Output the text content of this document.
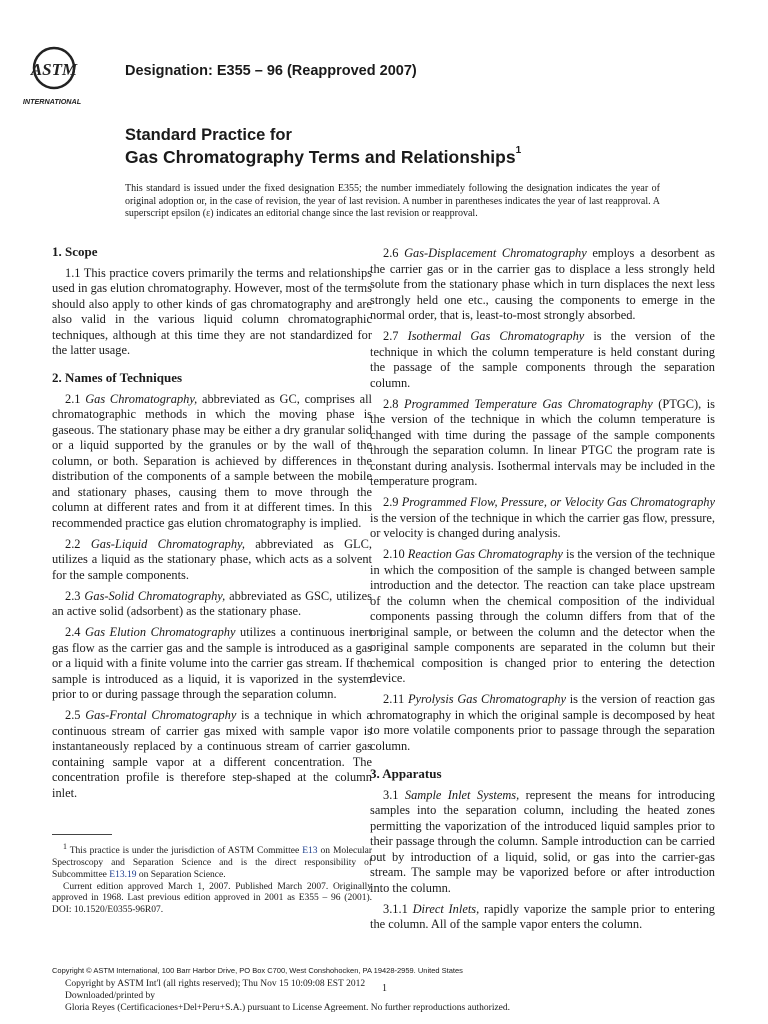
ASTM
INTERNATIONAL
Designation: E355 – 96 (Reapproved 2007)
Standard Practice for
Gas Chromatography Terms and Relationships$^1$
This standard is issued under the fixed designation E355; the number immediately following the designation indicates the year of original adoption or, in the case of revision, the year of last revision. A number in parentheses indicates the year of last reapproval. A superscript epsilon (ε) indicates an editorial change since the last revision or reapproval.
1. Scope

1.1 This practice covers primarily the terms and relationships used in gas elution chromatography. However, most of the terms should also apply to other kinds of gas chromatography and are also valid in the various liquid column chromatographic techniques, although at this time they are not standardized for the latter usage.

2. Names of Techniques

2.1 Gas Chromatography, abbreviated as GC, comprises all chromatographic methods in which the moving phase is gaseous. The stationary phase may be either a dry granular solid or a liquid supported by the granules or by the wall of the column, or both. Separation is achieved by differences in the distribution of the components of a sample between the mobile and stationary phases, causing them to move through the column at different rates and from it at different times. In this recommended practice gas elution chromatography is implied.

2.2 Gas-Liquid Chromatography, abbreviated as GLC, utilizes a liquid as the stationary phase, which acts as a solvent for the sample components.

2.3 Gas-Solid Chromatography, abbreviated as GSC, utilizes an active solid (adsorbent) as the stationary phase.

2.4 Gas Elution Chromatography utilizes a continuous inert gas flow as the carrier gas and the sample is introduced as a gas or a liquid with a finite volume into the carrier gas stream. If the sample is introduced as a liquid, it is vaporized in the system prior to or during passage through the separation column.

2.5 Gas-Frontal Chromatography is a technique in which a continuous stream of carrier gas mixed with sample vapor is instantaneously replaced by a continuous stream of carrier gas containing sample vapor at a different concentration. The concentration profile is therefore step-shaped at the column inlet.

2.6 Gas-Displacement Chromatography employs a desorbent as the carrier gas or in the carrier gas to displace a less strongly held solute from the stationary phase which in turn displaces the next less strongly held one etc., causing the components to emerge in the normal order, that is, least-to-most strongly absorbed.

2.7 Isothermal Gas Chromatography is the version of the technique in which the column temperature is held constant during the passage of the sample components through the separation column.

2.8 Programmed Temperature Gas Chromatography (PTGC), is the version of the technique in which the column temperature is changed with time during the passage of the sample components through the separation column. In linear PTGC the program rate is constant during analysis. Isothermal intervals may be included in the temperature program.

2.9 Programmed Flow, Pressure, or Velocity Gas Chromatography is the version of the technique in which the carrier gas flow, pressure, or velocity is changed during analysis.

2.10 Reaction Gas Chromatography is the version of the technique in which the composition of the sample is changed between sample introduction and the detector. The reaction can take place upstream of the column when the chemical composition of the individual components passing through the column differs from that of the original sample, or between the column and the detector when the original sample components are separated in the column but their chemical composition is changed prior to entering the detection device.

2.11 Pyrolysis Gas Chromatography is the version of reaction gas chromatography in which the original sample is decomposed by heat to more volatile components prior to passage through the separation column.

3. Apparatus

3.1 Sample Inlet Systems, represent the means for introducing samples into the separation column, including the heated zones permitting the vaporization of the introduced liquid samples prior to their passage through the column. Sample introduction can be carried out by introduction of a liquid, solid, or gas into the carrier-gas stream. The sample may be vaporized before or after introduction into the column.

3.1.1 Direct Inlets, rapidly vaporize the sample prior to entering the column. All of the sample vapor enters the column.

$^1$ This practice is under the jurisdiction of ASTM Committee E13 on Molecular Spectroscopy and Separation Science and is the direct responsibility of Subcommittee E13.19 on Separation Science.

Current edition approved March 1, 2007. Published March 2007. Originally approved in 1968. Last previous edition approved in 2001 as E355 – 96 (2001). DOI: 10.1520/E0355-96R07.

Copyright © ASTM International, 100 Barr Harbor Drive, PO Box C700, West Conshohocken, PA 19428-2959. United States
Copyright by ASTM Int'l (all rights reserved); Thu Nov 15 10:09:08 EST 2012
Downloaded/printed by
Gloria Reyes (Certificaciones+Del+Peru+S.A.) pursuant to License Agreement. No further reproductions authorized.
1
